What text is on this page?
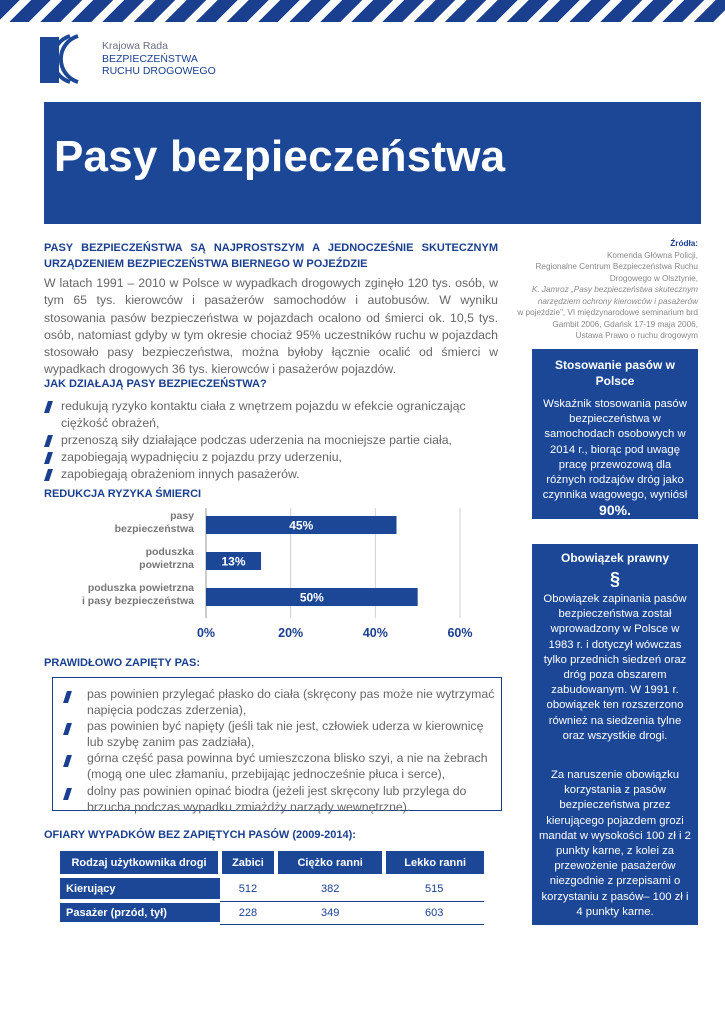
Krajowa Rada
BEZPIECZEŃSTWA
RUCHU DROGOWEGO
Pasy bezpieczeństwa
PASY BEZPIECZEŃSTWA SĄ NAJPROSTSZYM A JEDNOCZEŚNIE SKUTECZNYM URZĄDZENIEM BEZPIECZEŃSTWA BIERNEGO W POJEŹDZIE
W latach 1991 – 2010 w Polsce w wypadkach drogowych zginęło 120 tys. osób, w tym 65 tys. kierowców i pasażerów samochodów i autobusów. W wyniku stosowania pasów bezpieczeństwa w pojazdach ocalono od śmierci ok. 10,5 tys. osób, natomiast gdyby w tym okresie chociaż 95% uczestników ruchu w pojazdach stosowało pasy bezpieczeństwa, można byłoby łącznie ocalić od śmierci w wypadkach drogowych 36 tys. kierowców i pasażerów pojazdów.
JAK DZIAŁAJĄ PASY BEZPIECZEŃSTWA?
redukują ryzyko kontaktu ciała z wnętrzem pojazdu w efekcie ograniczając ciężkość obrażeń,
przenoszą siły działające podczas uderzenia na mocniejsze partie ciała,
zapobiegają wypadnięciu z pojazdu przy uderzeniu,
zapobiegają obrażeniom innych pasażerów.
REDUKCJA RYZYKA ŚMIERCI
0%	20%	40%	60%
45%
pasy
bezpieczeństwa
13%
poduszka
powietrzna
50%
poduszka powietrzna
i pasy bezpieczeństwa
PRAWIDŁOWO ZAPIĘTY PAS:
pas powinien przylegać płasko do ciała (skręcony pas może nie wytrzymać napięcia podczas zderzenia),
pas powinien być napięty (jeśli tak nie jest, człowiek uderza w kierownicę lub szybę zanim pas zadziała),
górna część pasa powinna być umieszczona blisko szyi, a nie na żebrach (mogą one ulec złamaniu, przebijając jednocześnie płuca i serce),
dolny pas powinien opinać biodra (jeżeli jest skręcony lub przylega do brzucha podczas wypadku zmiażdży narządy wewnętrzne).
OFIARY WYPADKÓW BEZ ZAPIĘTYCH PASÓW (2009-2014):
Rodzaj użytkownika drogi	Zabici	Ciężko ranni	Lekko ranni

Kierujący	512	382	515
Pasażer (przód, tył)	228	349	603
Źródła:
Komenda Główna Policji,
Regionalne Centrum Bezpieczeństwa Ruchu
Drogowego w Olsztynie,
K. Jamroz „Pasy bezpieczeństwa skutecznym
narzędziem ochrony kierowców i pasażerów
w pojeździe”, VI międzynarodowe seminarium brd
Gambit 2006, Gdańsk 17-19 maja 2006,
Ustawa Prawo o ruchu drogowym
Stosowanie pasów w Polsce
Wskaźnik stosowania pasów bezpieczeństwa w samochodach osobowych w 2014 r., biorąc pod uwagę pracę przewozową dla różnych rodzajów dróg jako czynnika wagowego, wyniósł 90%.
Obowiązek prawny
§
Obowiązek zapinania pasów bezpieczeństwa został wprowadzony w Polsce w 1983 r. i dotyczył wówczas tylko przednich siedzeń oraz dróg poza obszarem zabudowanym. W 1991 r. obowiązek ten rozszerzono również na siedzenia tylne oraz wszystkie drogi.
Za naruszenie obowiązku korzystania z pasów bezpieczeństwa przez kierującego pojazdem grozi mandat w wysokości 100 zł i 2 punkty karne, z kolei za przewożenie pasażerów niezgodnie z przepisami o korzystaniu z pasów– 100 zł i 4 punkty karne.
